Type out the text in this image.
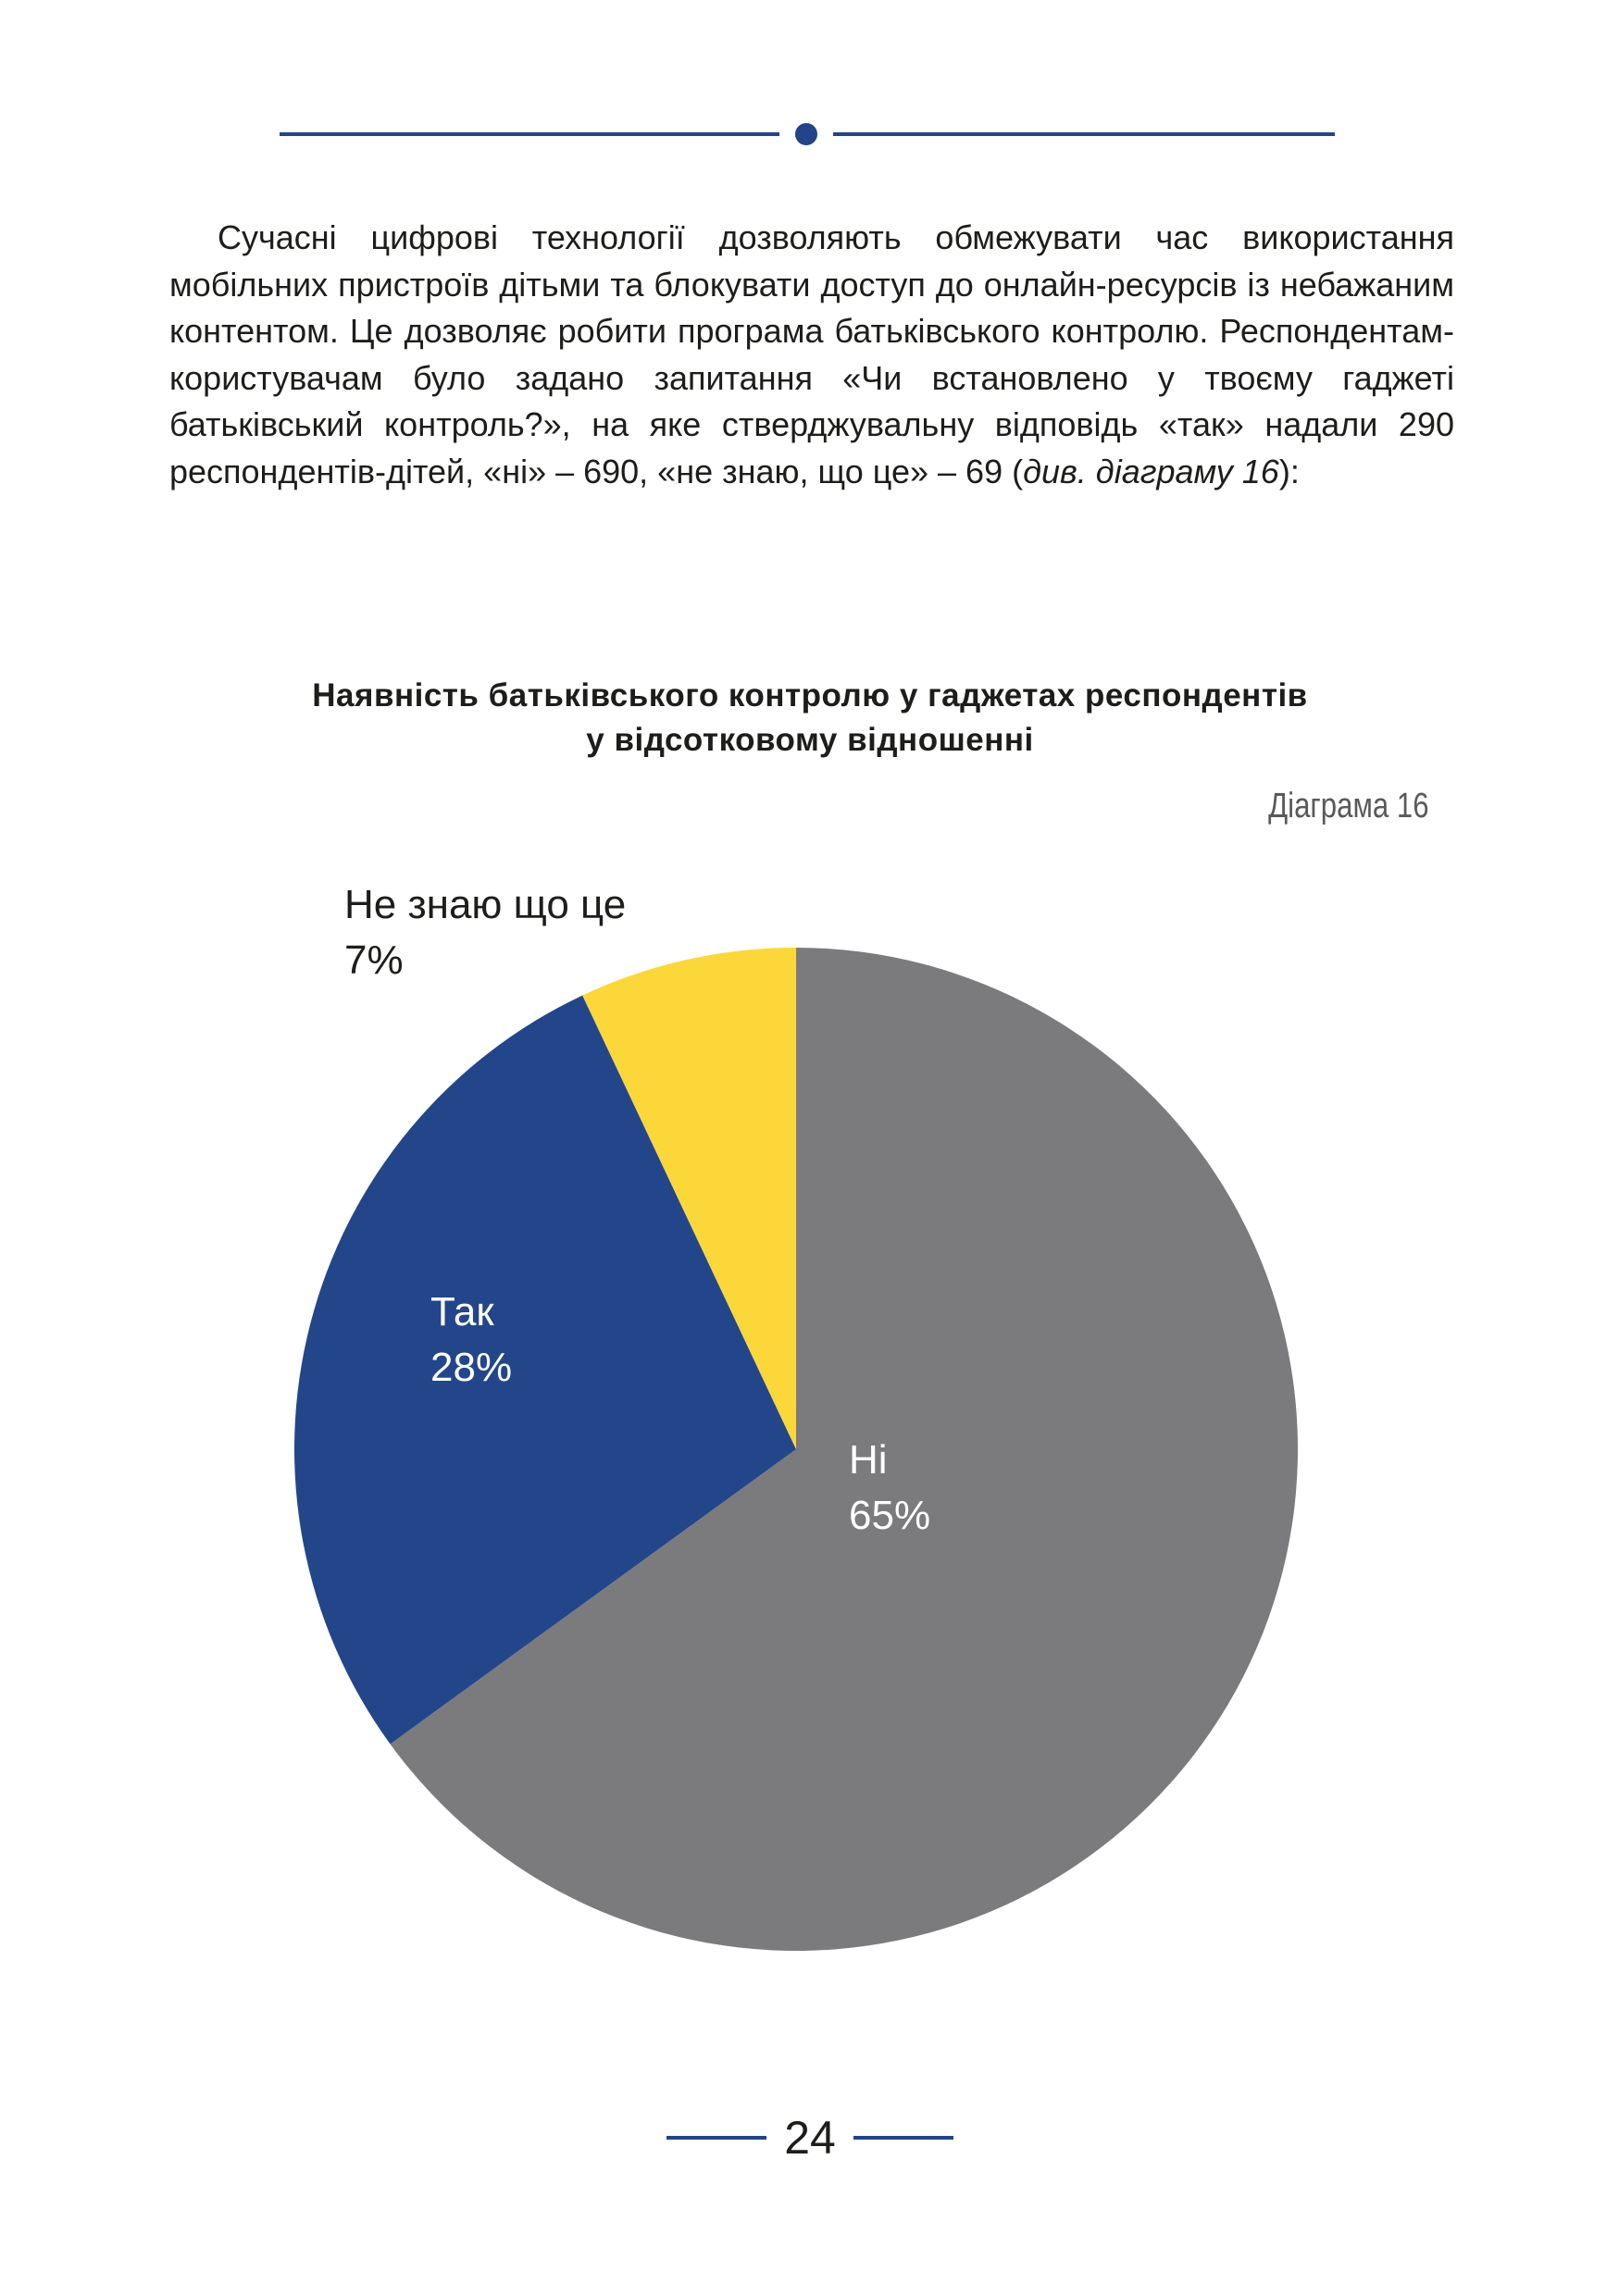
Сучасні цифрові технології дозволяють обмежувати час використання мобільних пристроїв дітьми та блокувати доступ до онлайн-ресурсів із небажаним контентом. Це дозволяє робити програма батьківського контролю. Респондентам-користувачам було задано запитання «Чи встановлено у твоєму гаджеті батьківський контроль?», на яке стверджувальну відповідь «так» надали 290 респондентів-дітей, «ні» – 690, «не знаю, що це» – 69 (див. діаграму 16):

Наявність батьківського контролю у гаджетах респондентів
у відсотковому відношенні
Діаграма 16
Ні
65%
Так
28%
Не знаю що це
7%
24
